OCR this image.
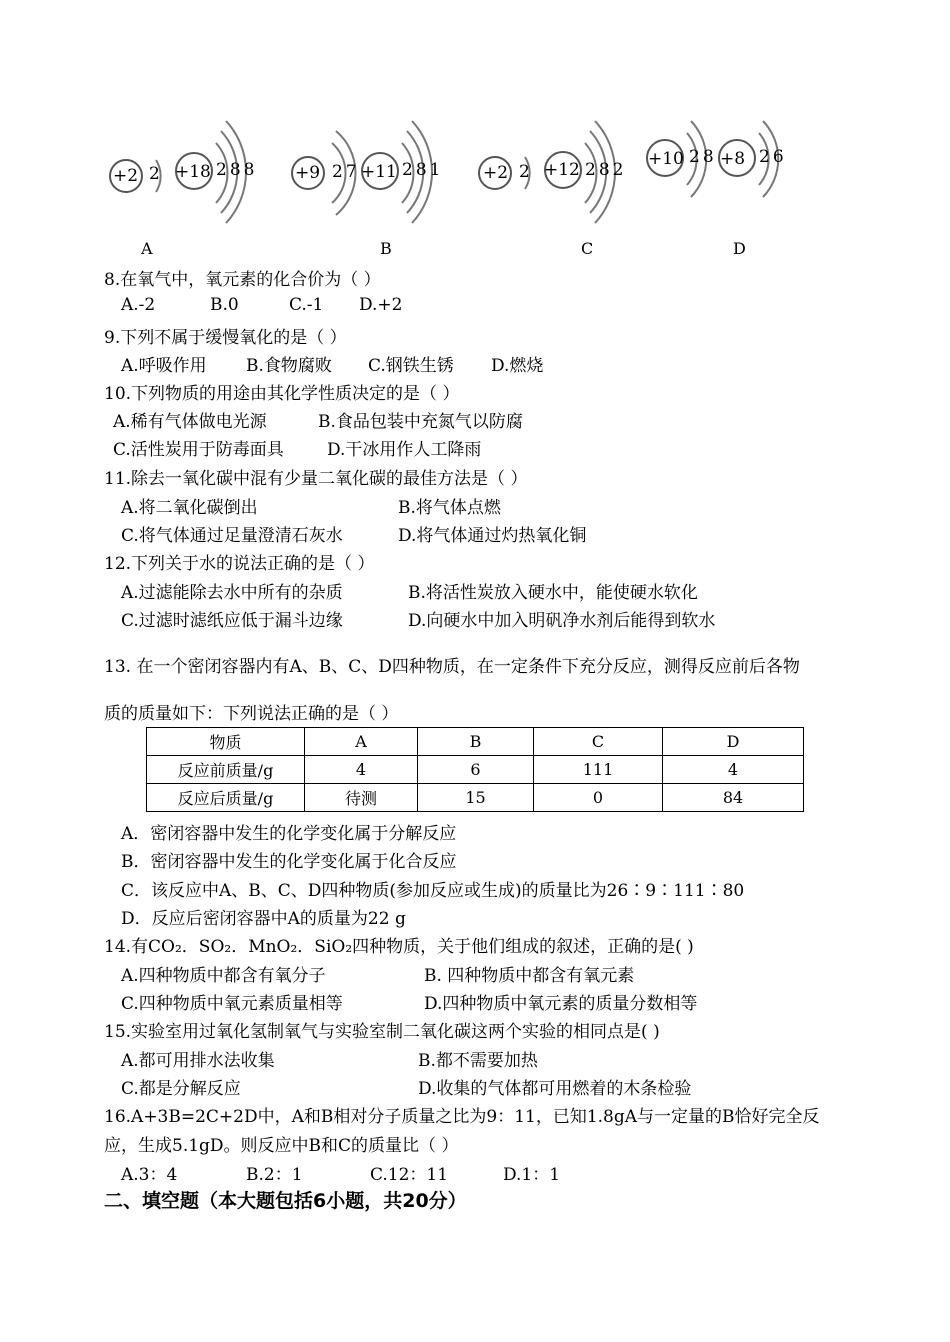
+2 2 +18 288 +9 27 +11 281 +2 2 +12 282
+10 28 +8 26
A	B	C	D
8.在氧气中，氧元素的化合价为（ ）
A.-2	B.0	C.-1 D.+2
9.下列不属于缓慢氧化的是（ ）
A.呼吸作用 B.食物腐败 C.钢铁生锈 D.燃烧
10.下列物质的用途由其化学性质决定的是（ ）
A.稀有气体做电光源	B.食品包装中充氮气以防腐
C.活性炭用于防毒面具	D.干冰用作人工降雨
11.除去一氧化碳中混有少量二氧化碳的最佳方法是（ ）
A.将二氧化碳倒出	B.将气体点燃
C.将气体通过足量澄清石灰水	D.将气体通过灼热氧化铜
12.下列关于水的说法正确的是（ ）
A.过滤能除去水中所有的杂质	B.将活性炭放入硬水中，能使硬水软化
C.过滤时滤纸应低于漏斗边缘	D.向硬水中加入明矾净水剂后能得到软水
13. 在一个密闭容器内有A、B、C、D四种物质，在一定条件下充分反应，测得反应前后各物
质的质量如下：下列说法正确的是（ ）
物质	A	B	C	D
反应前质量/g	4	6	111	4
反应后质量/g	待测	15	0	84
A．密闭容器中发生的化学变化属于分解反应
B．密闭容器中发生的化学变化属于化合反应
C．该反应中A、B、C、D四种物质(参加反应或生成)的质量比为26∶9∶111∶80
D．反应后密闭容器中A的质量为22 g
14.有CO₂．SO₂．MnO₂．SiO₂四种物质，关于他们组成的叙述，正确的是( )
A.四种物质中都含有氧分子	B. 四种物质中都含有氧元素
C.四种物质中氧元素质量相等	D.四种物质中氧元素的质量分数相等
15.实验室用过氧化氢制氧气与实验室制二氧化碳这两个实验的相同点是( )
A.都可用排水法收集	B.都不需要加热
C.都是分解反应	D.收集的气体都可用燃着的木条检验
16.A+3B=2C+2D中，A和B相对分子质量之比为9：11，已知1.8gA与一定量的B恰好完全反
应，生成5.1gD。则反应中B和C的质量比（ ）
A.3：4	B.2：1	C.12：11	D.1：1
二、填空题（本大题包括6小题，共20分）
